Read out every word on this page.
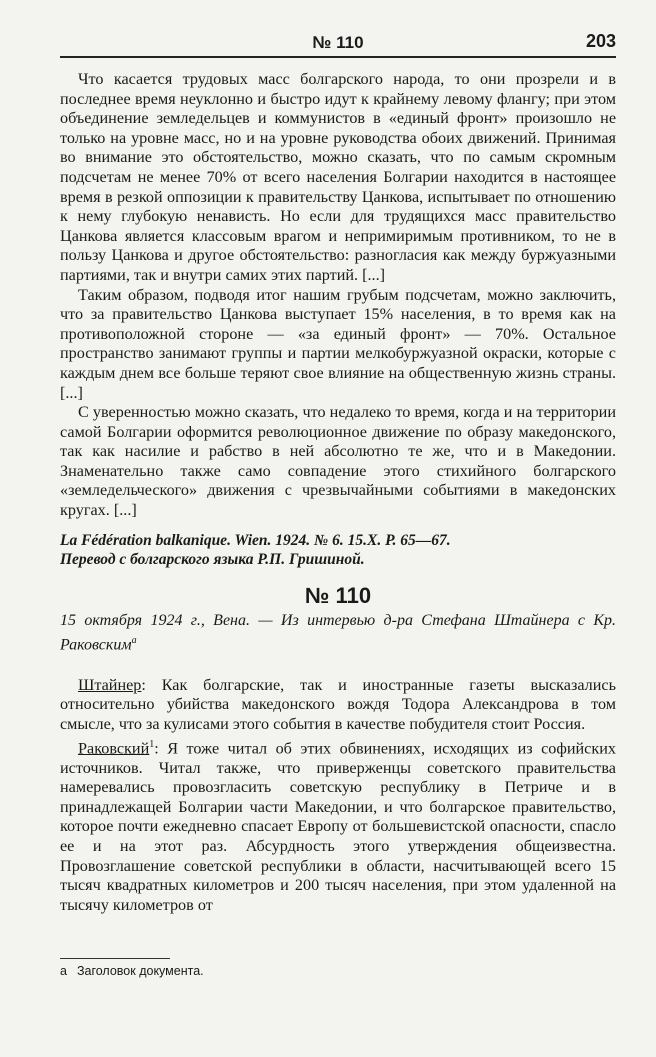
№ 110	203

Что касается трудовых масс болгарского народа, то они прозрели и в последнее время неуклонно и быстро идут к крайнему левому флангу; при этом объединение земледельцев и коммунистов в «единый фронт» произошло не только на уровне масс, но и на уровне руководства обоих движений. Принимая во внимание это обстоятельство, можно сказать, что по самым скромным подсчетам не менее 70% от всего населения Болгарии находится в настоящее время в резкой оппозиции к правительству Цанкова, испытывает по отношению к нему глубокую ненависть. Но если для трудящихся масс правительство Цанкова является классовым врагом и непримиримым противником, то не в пользу Цанкова и другое обстоятельство: разногласия как между буржуазными партиями, так и внутри самих этих партий. [...]

Таким образом, подводя итог нашим грубым подсчетам, можно заключить, что за правительство Цанкова выступает 15% населения, в то время как на противоположной стороне — «за единый фронт» — 70%. Остальное пространство занимают группы и партии мелкобуржуазной окраски, которые с каждым днем все больше теряют свое влияние на общественную жизнь страны. [...]

С уверенностью можно сказать, что недалеко то время, когда и на территории самой Болгарии оформится революционное движение по образу македонского, так как насилие и рабство в ней абсолютно те же, что и в Македонии. Знаменательно также само совпадение этого стихийного болгарского «земледельческого» движения с чрезвычайными событиями в македонских кругах. [...]

La Fédération balkanique. Wien. 1924. № 6. 15.X. P. 65—67.
Перевод с болгарского языка Р.П. Гришиной.

№ 110

15 октября 1924 г., Вена. — Из интервью д-ра Стефана Штайнера с Кр. Раковским$^a$

Штайнер: Как болгарские, так и иностранные газеты высказались относительно убийства македонского вождя Тодора Александрова в том смысле, что за кулисами этого события в качестве побудителя стоит Россия.

Раковский$^1$: Я тоже читал об этих обвинениях, исходящих из софийских источников. Читал также, что приверженцы советского правительства намеревались провозгласить советскую республику в Петриче и в принадлежащей Болгарии части Македонии, и что болгарское правительство, которое почти ежедневно спасает Европу от большевистской опасности, спасло ее и на этот раз. Абсурдность этого утверждения общеизвестна. Провозглашение советской республики в области, насчитывающей всего 15 тысяч квадратных километров и 200 тысяч населения, при этом удаленной на тысячу километров от

a Заголовок документа.
